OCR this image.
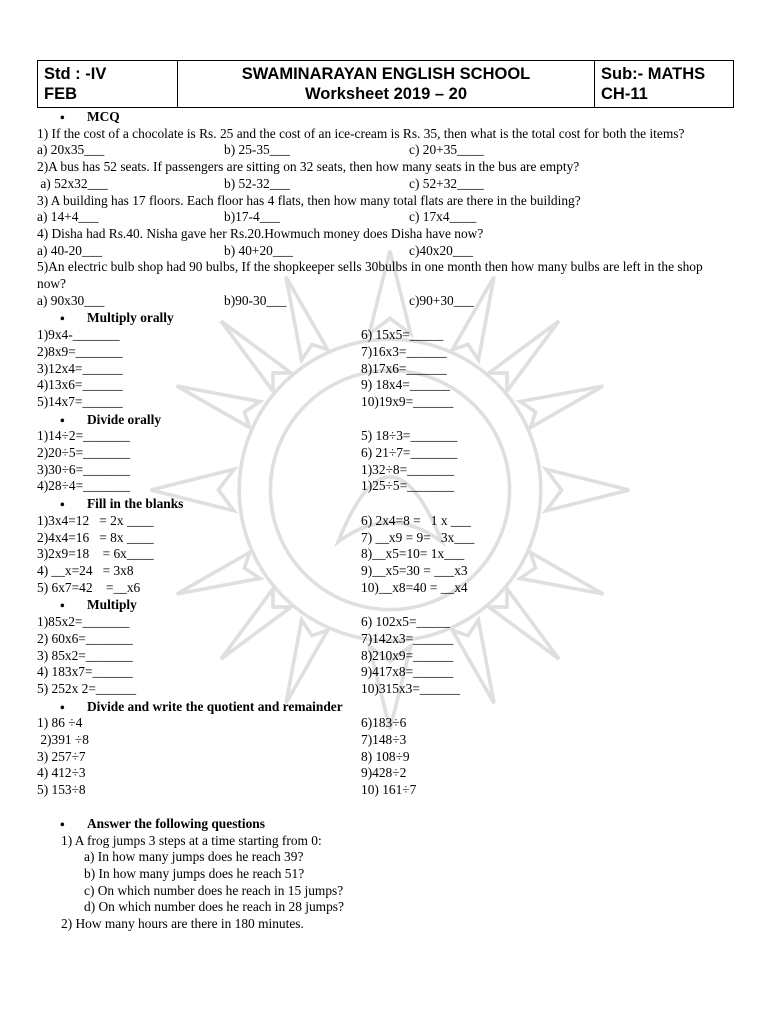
Std : -IV
FEB
SWAMINARAYAN ENGLISH SCHOOL
Worksheet 2019 – 20
Sub:- MATHS
CH-11
• MCQ
1) If the cost of a chocolate is Rs. 25 and the cost of an ice-cream is Rs. 35, then what is the total cost for both the items?
a) 20x35___	b) 25-35___	c) 20+35____
2)A bus has 52 seats. If passengers are sitting on 32 seats, then how many seats in the bus are empty?
a) 52x32___	b) 52-32___	c) 52+32____
3) A building has 17 floors. Each floor has 4 flats, then how many total flats are there in the building?
a) 14+4___	b)17-4___	c) 17x4____
4) Disha had Rs.40. Nisha gave her Rs.20.Howmuch money does Disha have now?
a) 40-20___	b) 40+20___	c)40x20___
5)An electric bulb shop had 90 bulbs, If the shopkeeper sells 30bulbs in one month then how many bulbs are left in the shop now?
a) 90x30___	b)90-30___	c)90+30___
• Multiply orally
1)9x4-_______
2)8x9=_______
3)12x4=______
4)13x6=______
5)14x7=______
6) 15x5=_____
7)16x3=______
8)17x6=______
9) 18x4=______
10)19x9=______
• Divide orally
1)14÷2=_______
2)20÷5=_______
3)30÷6=_______
4)28÷4=_______
5) 18÷3=_______
6) 21÷7=_______
1)32÷8=_______
1)25÷5=_______
• Fill in the blanks
1)3x4=12   = 2x ____
2)4x4=16   = 8x ____
3)2x9=18    = 6x____
4) __x=24   = 3x8
5) 6x7=42    =__x6
6) 2x4=8 =   1 x ___
7) __x9 = 9=   3x___
8)__x5=10= 1x___
9)__x5=30 = ___x3
10)__x8=40 = __x4
• Multiply
1)85x2=_______
2) 60x6=_______
3) 85x2=_______
4) 183x7=______
5) 252x 2=______
6) 102x5=_____
7)142x3=______
8)210x9=______
9)417x8=______
10)315x3=______
• Divide and write the quotient and remainder
1) 86 ÷4
2)391 ÷8
3) 257÷7
4) 412÷3
5) 153÷8
6)183÷6
7)148÷3
8) 108÷9
9)428÷2
10) 161÷7
• Answer the following questions
1) A frog jumps 3 steps at a time starting from 0:
a) In how many jumps does he reach 39?
b) In how many jumps does he reach 51?
c) On which number does he reach in 15 jumps?
d) On which number does he reach in 28 jumps?
2) How many hours are there in 180 minutes.
